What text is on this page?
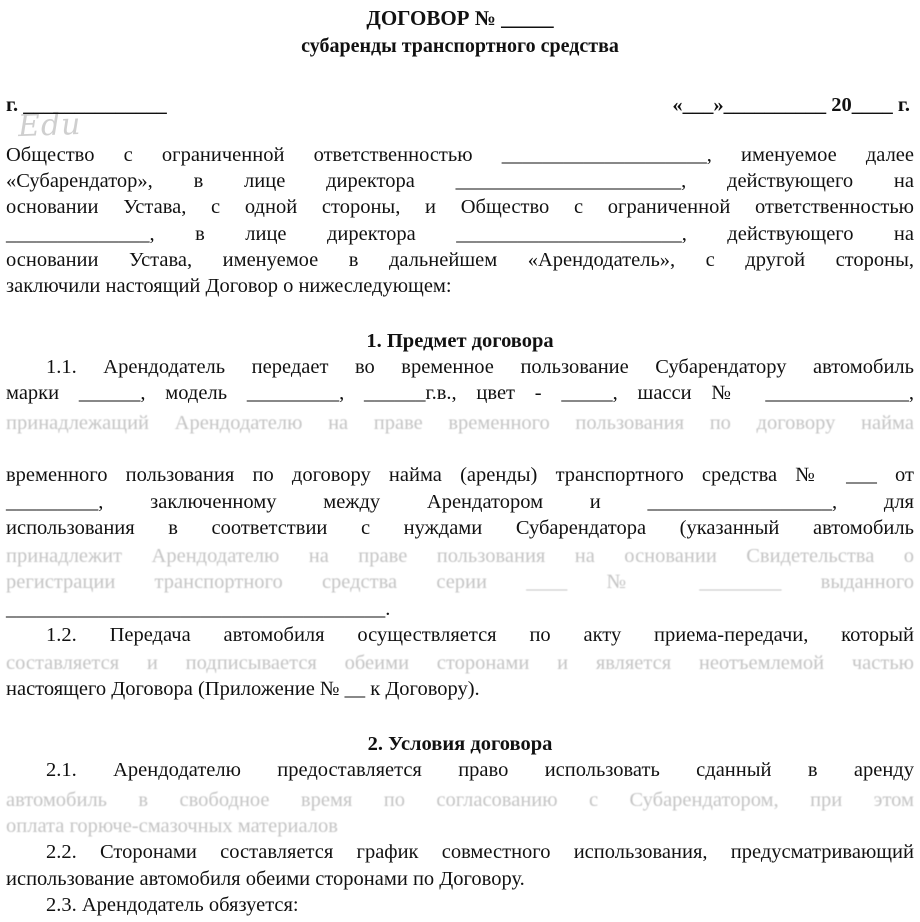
Edu
ДОГОВОР № _____
субаренды транспортного средства
г. ______________	«___»__________ 20____ г.
Общество с ограниченной ответственностью ____________________, именуемое далее
«Субарендатор», в лице директора ______________________, действующего на
основании Устава, с одной стороны, и Общество с ограниченной ответственностью
______________, в лице директора ______________________, действующего на
основании Устава, именуемое в дальнейшем «Арендодатель», с другой стороны,
заключили настоящий Договор о нижеследующем:
1. Предмет договора
1.1. Арендодатель передает во временное пользование Субарендатору автомобиль
марки ______, модель _________, ______г.в., цвет - _____, шасси № ______________,
принадлежащий Арендодателю на праве временного пользования по договору найма
временного пользования по договору найма (аренды) транспортного средства № ___ от
_________, заключенному между Арендатором и __________________, для
использования в соответствии с нуждами Субарендатора (указанный автомобиль
принадлежит Арендодателю на праве пользования на основании Свидетельства о
регистрации транспортного средства серии ____ № ________ выданного
_____________________________________.
1.2. Передача автомобиля осуществляется по акту приема-передачи, который
составляется и подписывается обеими сторонами и является неотъемлемой частью
настоящего Договора (Приложение № __ к Договору).
2. Условия договора
2.1. Арендодателю предоставляется право использовать сданный в аренду
автомобиль в свободное время по согласованию с Субарендатором, при этом
оплата горюче-смазочных материалов
2.2. Сторонами составляется график совместного использования, предусматривающий
использование автомобиля обеими сторонами по Договору.
2.3. Арендодатель обязуется:
